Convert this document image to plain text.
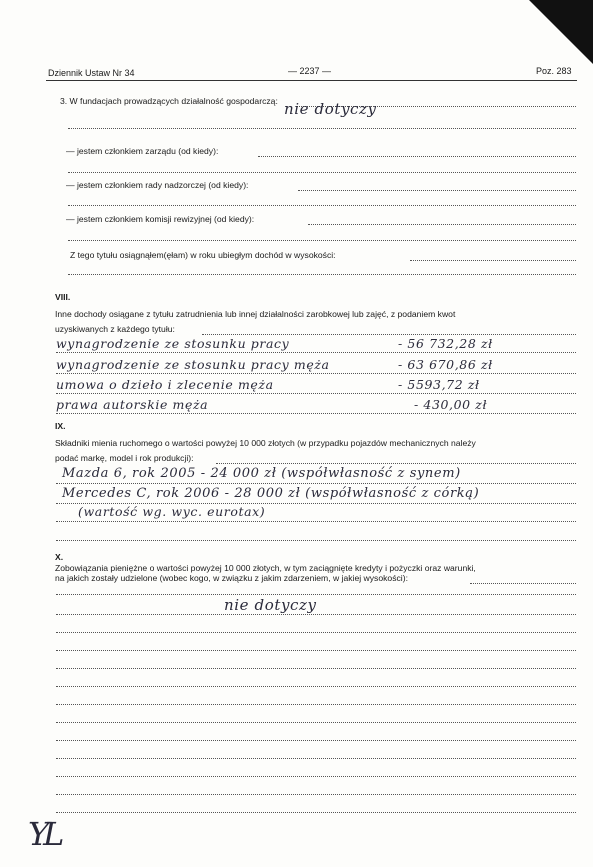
Dziennik Ustaw Nr 34	— 2237 —	Poz. 283
3. W fundacjach prowadzących działalność gospodarczą: nie dotyczy
— jestem członkiem zarządu (od kiedy):
— jestem członkiem rady nadzorczej (od kiedy):
— jestem członkiem komisji rewizyjnej (od kiedy):
Z tego tytułu osiągnąłem(ęłam) w roku ubiegłym dochód w wysokości:
VIII.
Inne dochody osiągane z tytułu zatrudnienia lub innej działalności zarobkowej lub zajęć, z podaniem kwot
uzyskiwanych z każdego tytułu:
wynagrodzenie ze stosunku pracy	- 56 732,28 zł
wynagrodzenie ze stosunku pracy męża	- 63 670,86 zł
umowa o dzieło i zlecenie męża	- 5593,72 zł
prawa autorskie męża	- 430,00 zł
IX.
Składniki mienia ruchomego o wartości powyżej 10 000 złotych (w przypadku pojazdów mechanicznych należy
podać markę, model i rok produkcji):
Mazda 6, rok 2005 - 24 000 zł (współwłasność z synem)
Mercedes C, rok 2006 - 28 000 zł (współwłasność z córką)
(wartość wg. wyc. eurotax)
X.
Zobowiązania pieniężne o wartości powyżej 10 000 złotych, w tym zaciągnięte kredyty i pożyczki oraz warunki,
na jakich zostały udzielone (wobec kogo, w związku z jakim zdarzeniem, w jakiej wysokości):
nie dotyczy
YL
